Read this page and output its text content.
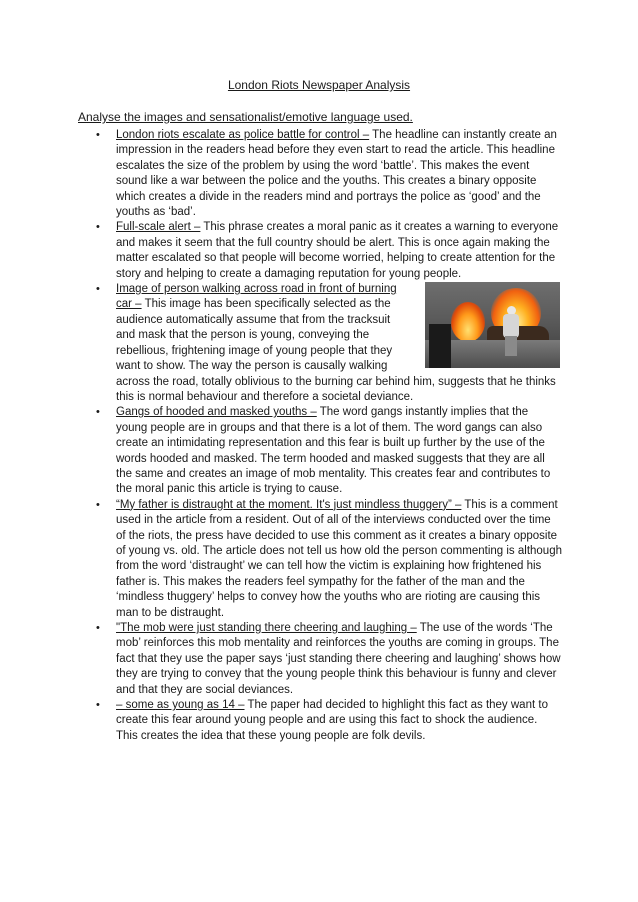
London Riots Newspaper Analysis
Analyse the images and sensationalist/emotive language used.
• London riots escalate as police battle for control – The headline can instantly create an impression in the readers head before they even start to read the article. This headline escalates the size of the problem by using the word ‘battle’. This makes the event sound like a war between the police and the youths. This creates a binary opposite which creates a divide in the readers mind and portrays the police as ‘good’ and the youths as ‘bad’.
• Full-scale alert – This phrase creates a moral panic as it creates a warning to everyone and makes it seem that the full country should be alert. This is once again making the matter escalated so that people will become worried, helping to create attention for the story and helping to create a damaging reputation for young people.
• Image of person walking across road in front of burning car – This image has been specifically selected as the audience automatically assume that from the tracksuit and mask that the person is young, conveying the rebellious, frightening image of young people that they want to show. The way the person is causally walking across the road, totally oblivious to the burning car behind him, suggests that he thinks this is normal behaviour and therefore a societal deviance.
• Gangs of hooded and masked youths – The word gangs instantly implies that the young people are in groups and that there is a lot of them. The word gangs can also create an intimidating representation and this fear is built up further by the use of the words hooded and masked. The term hooded and masked suggests that they are all the same and creates an image of mob mentality. This creates fear and contributes to the moral panic this article is trying to cause.
• “My father is distraught at the moment. It's just mindless thuggery” – This is a comment used in the article from a resident. Out of all of the interviews conducted over the time of the riots, the press have decided to use this comment as it creates a binary opposite of young vs. old. The article does not tell us how old the person commenting is although from the word ‘distraught’ we can tell how the victim is explaining how frightened his father is. This makes the readers feel sympathy for the father of the man and the ‘mindless thuggery’ helps to convey how the youths who are rioting are causing this man to be distraught.
• "The mob were just standing there cheering and laughing – The use of the words ‘The mob’ reinforces this mob mentality and reinforces the youths are coming in groups. The fact that they use the paper says ‘just standing there cheering and laughing’ shows how they are trying to convey that the young people think this behaviour is funny and clever and that they are social deviances.
• – some as young as 14 – The paper had decided to highlight this fact as they want to create this fear around young people and are using this fact to shock the audience. This creates the idea that these young people are folk devils.
